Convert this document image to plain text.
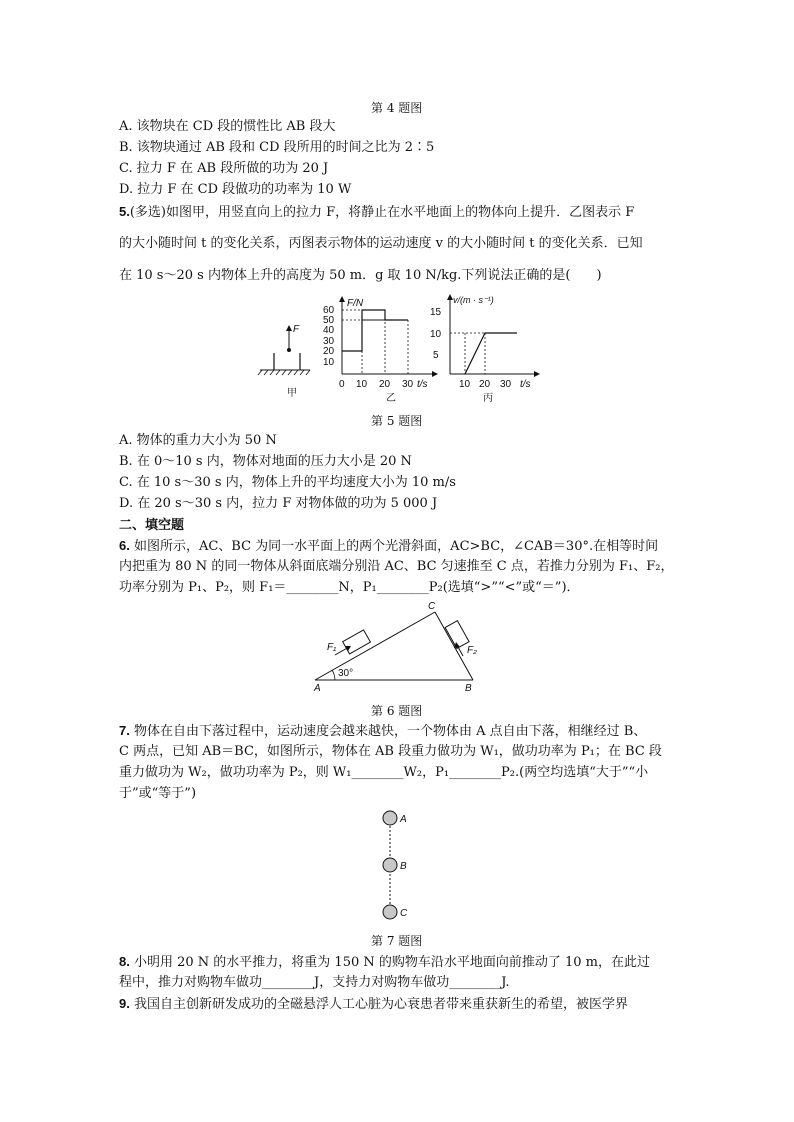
第 4 题图
A. 该物块在 CD 段的惯性比 AB 段大
B. 该物块通过 AB 段和 CD 段所用的时间之比为 2∶5
C. 拉力 F 在 AB 段所做的功为 20 J
D. 拉力 F 在 CD 段做功的功率为 10 W
5.(多选)如图甲，用竖直向上的拉力 F，将静止在水平地面上的物体向上提升．乙图表示 F
的大小随时间 t 的变化关系，丙图表示物体的运动速度 v 的大小随时间 t 的变化关系．已知
在 10 s～20 s 内物体上升的高度为 50 m．g 取 10 N/kg.下列说法正确的是(　　)
F
甲
F/N
60
50
40
30
20
10
0 10 20 30 t/s
乙
v/(m · s⁻¹)
15
10
5
10 20 30 t/s
丙
第 5 题图
A. 物体的重力大小为 50 N
B. 在 0～10 s 内，物体对地面的压力大小是 20 N
C. 在 10 s～30 s 内，物体上升的平均速度大小为 10 m/s
D. 在 20 s～30 s 内，拉力 F 对物体做的功为 5 000 J
二、填空题
6. 如图所示，AC、BC 为同一水平面上的两个光滑斜面，AC>BC，∠CAB＝30°.在相等时间
内把重为 80 N 的同一物体从斜面底端分别沿 AC、BC 匀速推至 C 点，若推力分别为 F₁、F₂，
功率分别为 P₁、P₂，则 F₁＝________N，P₁________P₂(选填“>”“<”或“＝”)．
F₁	F₂
30°
A	B
C
第 6 题图
7. 物体在自由下落过程中，运动速度会越来越快，一个物体由 A 点自由下落，相继经过 B、
C 两点，已知 AB＝BC，如图所示，物体在 AB 段重力做功为 W₁，做功功率为 P₁；在 BC 段
重力做功为 W₂，做功功率为 P₂，则 W₁________W₂，P₁________P₂.(两空均选填“大于”“小
于”或“等于”)
A
B
C
第 7 题图
8. 小明用 20 N 的水平推力，将重为 150 N 的购物车沿水平地面向前推动了 10 m，在此过
程中，推力对购物车做功________J，支持力对购物车做功________J.
9. 我国自主创新研发成功的全磁悬浮人工心脏为心衰患者带来重获新生的希望，被医学界
